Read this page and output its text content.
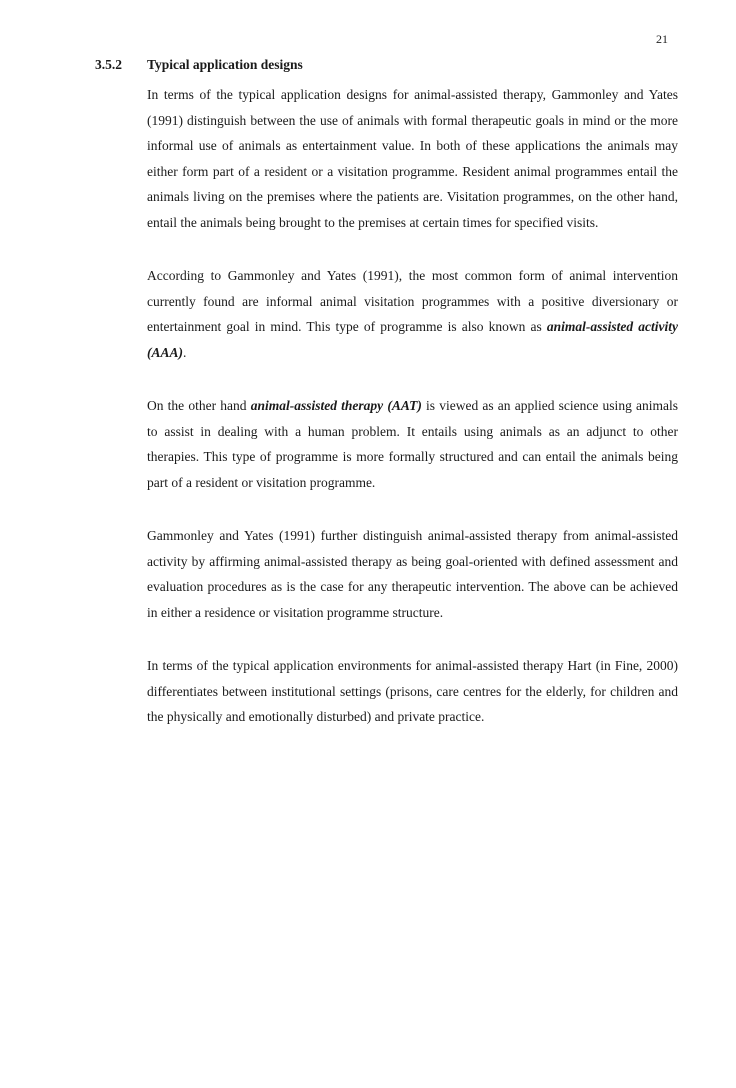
21
3.5.2	Typical application designs

In terms of the typical application designs for animal-assisted therapy, Gammonley and Yates (1991) distinguish between the use of animals with formal therapeutic goals in mind or the more informal use of animals as entertainment value. In both of these applications the animals may either form part of a resident or a visitation programme. Resident animal programmes entail the animals living on the premises where the patients are. Visitation programmes, on the other hand, entail the animals being brought to the premises at certain times for specified visits.

According to Gammonley and Yates (1991), the most common form of animal intervention currently found are informal animal visitation programmes with a positive diversionary or entertainment goal in mind. This type of programme is also known as animal-assisted activity (AAA).

On the other hand animal-assisted therapy (AAT) is viewed as an applied science using animals to assist in dealing with a human problem. It entails using animals as an adjunct to other therapies. This type of programme is more formally structured and can entail the animals being part of a resident or visitation programme.

Gammonley and Yates (1991) further distinguish animal-assisted therapy from animal-assisted activity by affirming animal-assisted therapy as being goal-oriented with defined assessment and evaluation procedures as is the case for any therapeutic intervention. The above can be achieved in either a residence or visitation programme structure.

In terms of the typical application environments for animal-assisted therapy Hart (in Fine, 2000) differentiates between institutional settings (prisons, care centres for the elderly, for children and the physically and emotionally disturbed) and private practice.
